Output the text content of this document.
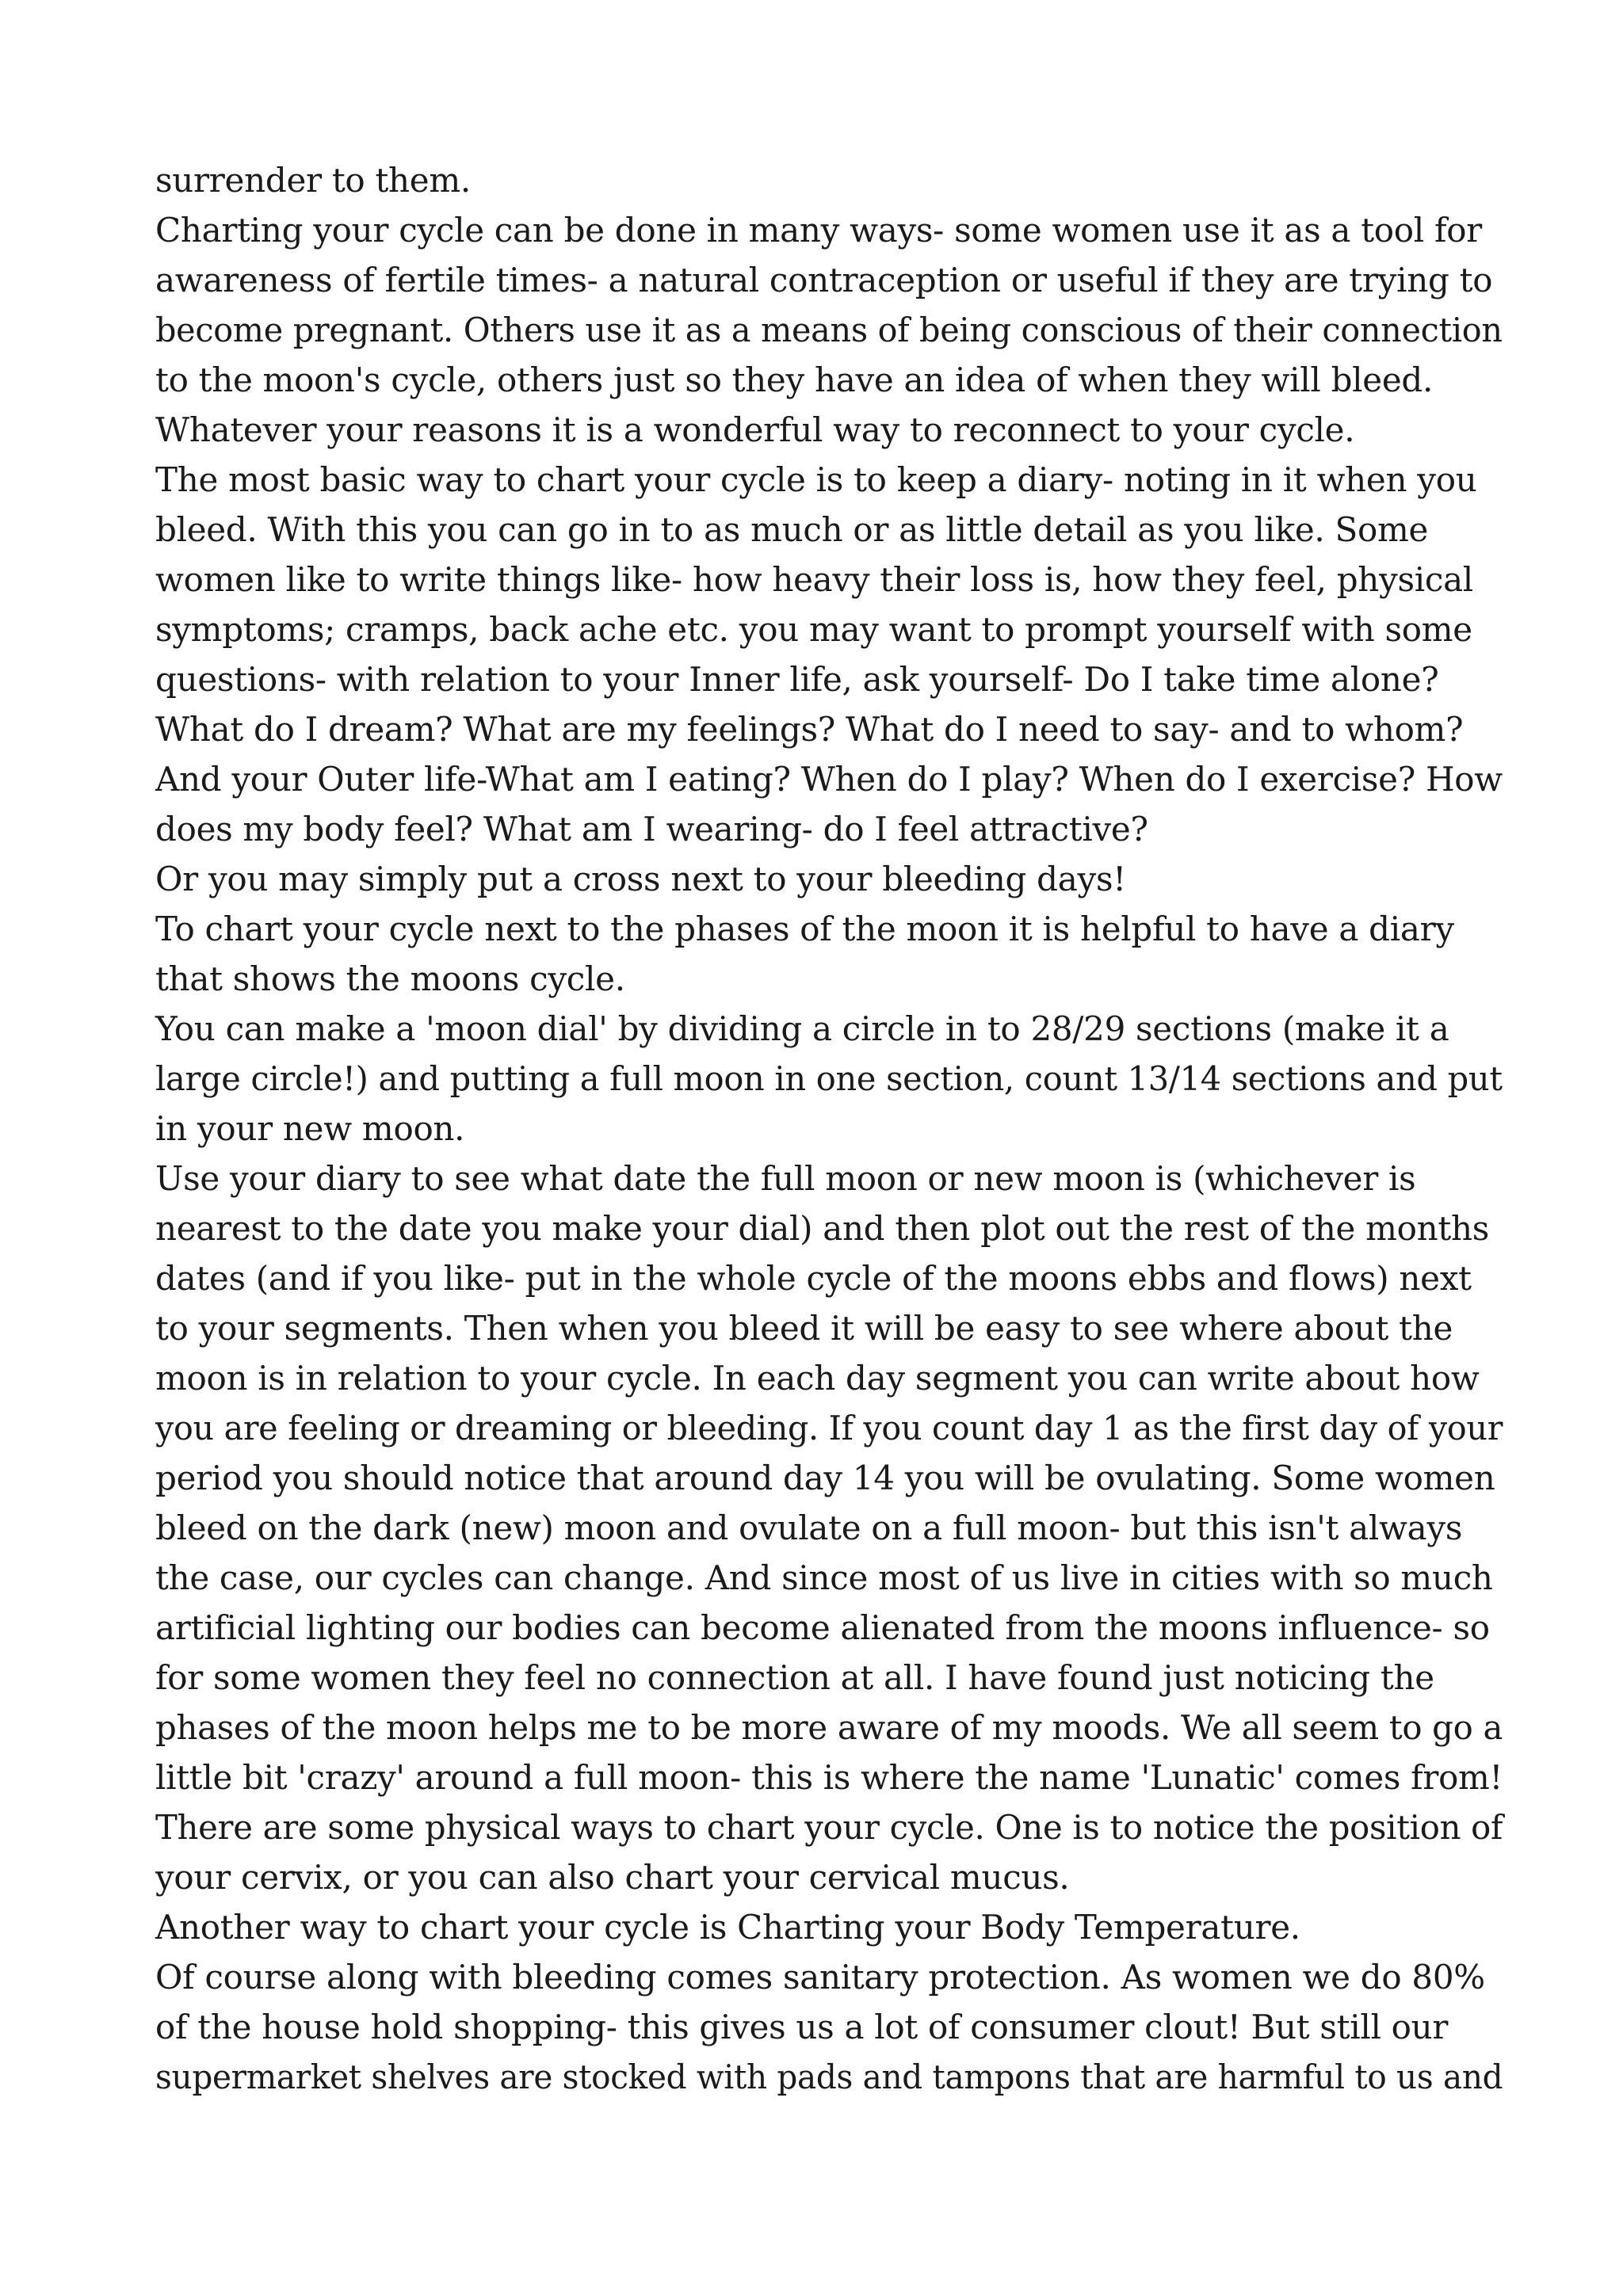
surrender to them.
Charting your cycle can be done in many ways- some women use it as a tool for
awareness of fertile times- a natural contraception or useful if they are trying to
become pregnant. Others use it as a means of being conscious of their connection
to the moon's cycle, others just so they have an idea of when they will bleed.
Whatever your reasons it is a wonderful way to reconnect to your cycle.
The most basic way to chart your cycle is to keep a diary- noting in it when you
bleed. With this you can go in to as much or as little detail as you like. Some
women like to write things like- how heavy their loss is, how they feel, physical
symptoms; cramps, back ache etc. you may want to prompt yourself with some
questions- with relation to your Inner life, ask yourself- Do I take time alone?
What do I dream? What are my feelings? What do I need to say- and to whom?
And your Outer life-What am I eating? When do I play? When do I exercise? How
does my body feel? What am I wearing- do I feel attractive?
Or you may simply put a cross next to your bleeding days!
To chart your cycle next to the phases of the moon it is helpful to have a diary
that shows the moons cycle.
You can make a 'moon dial' by dividing a circle in to 28/29 sections (make it a
large circle!) and putting a full moon in one section, count 13/14 sections and put
in your new moon.
Use your diary to see what date the full moon or new moon is (whichever is
nearest to the date you make your dial) and then plot out the rest of the months
dates (and if you like- put in the whole cycle of the moons ebbs and flows) next
to your segments. Then when you bleed it will be easy to see where about the
moon is in relation to your cycle. In each day segment you can write about how
you are feeling or dreaming or bleeding. If you count day 1 as the first day of your
period you should notice that around day 14 you will be ovulating. Some women
bleed on the dark (new) moon and ovulate on a full moon- but this isn't always
the case, our cycles can change. And since most of us live in cities with so much
artificial lighting our bodies can become alienated from the moons influence- so
for some women they feel no connection at all. I have found just noticing the
phases of the moon helps me to be more aware of my moods. We all seem to go a
little bit 'crazy' around a full moon- this is where the name 'Lunatic' comes from!
There are some physical ways to chart your cycle. One is to notice the position of
your cervix, or you can also chart your cervical mucus.
Another way to chart your cycle is Charting your Body Temperature.
Of course along with bleeding comes sanitary protection. As women we do 80%
of the house hold shopping- this gives us a lot of consumer clout! But still our
supermarket shelves are stocked with pads and tampons that are harmful to us and
